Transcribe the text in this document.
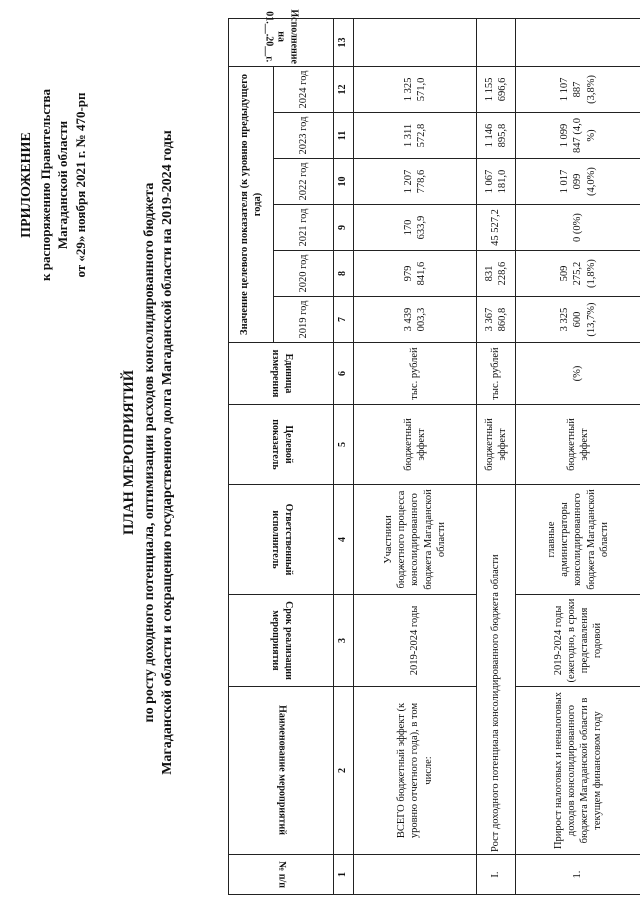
ПРИЛОЖЕНИЕ к распоряжению Правительства Магаданской области от «29» ноября 2021 г. № 470-рп
ПЛАН МЕРОПРИЯТИЙ по росту доходного потенциала, оптимизации расходов консолидированного бюджета Магаданской области и сокращению государственного долга Магаданской области на 2019-2024 годы
№ п/п	Наименование мероприятий	Срок реализации мероприятия	Ответственный исполнитель	Целевой показатель	Единица измерения	Значение целевого показателя (к уровню предыдущего года)						Исполнение на 01.__.20__г.
						2019 год	2020 год	2021 год	2022 год	2023 год	2024 год	
1	2	3	4	5	6	7	8	9	10	11	12	13
	ВСЕГО бюджетный эффект (к уровню отчетного года), в том числе:	2019-2024 годы	Участники бюджетного процесса консолидированного бюджета Магаданской области	бюджетный эффект	тыс. рублей	3 439 003,3	979 841,6	170 633,9	1 207 778,6	1 311 572,8	1 325 571,0	
I.	Рост доходного потенциала консолидированного бюджета области			бюджетный эффект	тыс. рублей	3 367 860,8	831 228,6	45 527,2	1 067 181,0	1 146 895,8	1 155 696,6	
1.	Прирост налоговых и неналоговых доходов консолидированного бюджета Магаданской области в текущем финансовом году	2019-2024 годы (ежегодно, в сроки представления годовой	главные администраторы консолидированного бюджета Магаданской области	бюджетный эффект	(%)	3 325 600 (13,7%)	509 275,2 (1,8%)	0 (0%)	1 017 099 (4,0%)	1 099 847 (4,0 %)	1 107 887 (3,8%)	
